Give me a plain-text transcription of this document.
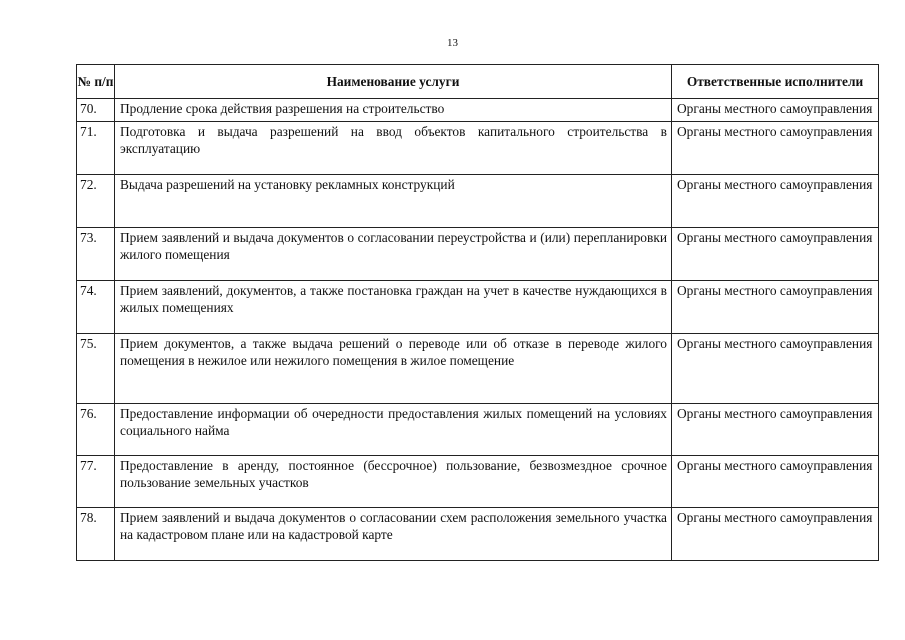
13
№ п/п	Наименование услуги	Ответственные исполнители
70.	Продление срока действия разрешения на строительство	Органы местного самоуправления
71.	Подготовка и выдача разрешений на ввод объектов капитального строительства в эксплуатацию	Органы местного самоуправления
72.	Выдача разрешений на установку рекламных конструкций	Органы местного самоуправления
73.	Прием заявлений и выдача документов о согласовании переустройства и (или) перепланировки жилого помещения	Органы местного самоуправления
74.	Прием заявлений, документов, а также постановка граждан на учет в качестве нуждающихся в жилых помещениях	Органы местного самоуправления
75.	Прием документов, а также выдача решений о переводе или об отказе в переводе жилого помещения в нежилое или нежилого помещения в жилое помещение	Органы местного самоуправления
76.	Предоставление информации об очередности предоставления жилых помещений на условиях социального найма	Органы местного самоуправления
77.	Предоставление в аренду, постоянное (бессрочное) пользование, безвозмездное срочное пользование земельных участков	Органы местного самоуправления
78.	Прием заявлений и выдача документов о согласовании схем расположения земельного участка на кадастровом плане или на кадастровой карте	Органы местного самоуправления
